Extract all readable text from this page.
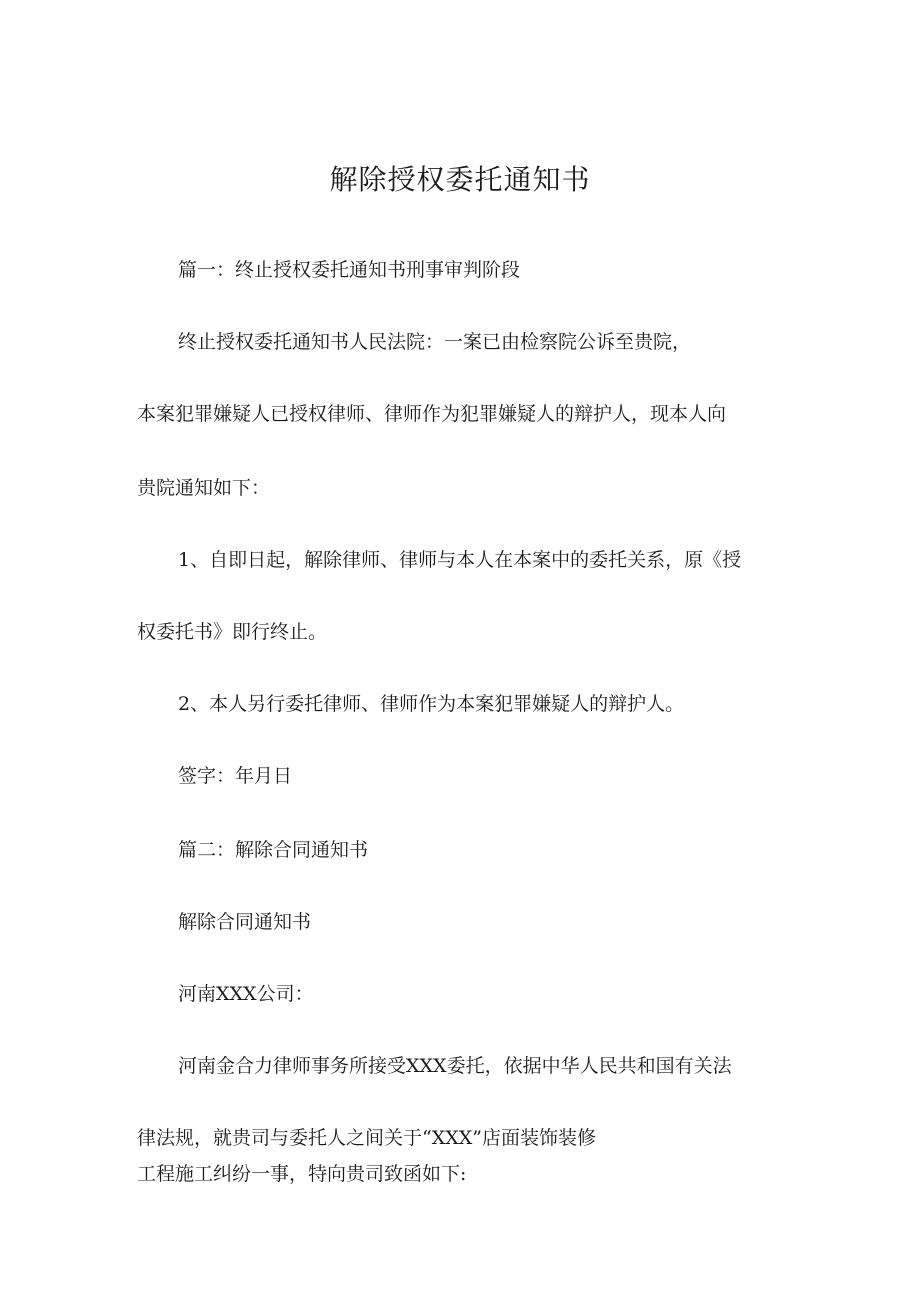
解除授权委托通知书
篇一：终止授权委托通知书刑事审判阶段
终止授权委托通知书人民法院：一案已由检察院公诉至贵院，
本案犯罪嫌疑人已授权律师、律师作为犯罪嫌疑人的辩护人，现本人向
贵院通知如下：
1、自即日起，解除律师、律师与本人在本案中的委托关系，原《授
权委托书》即行终止。
2、本人另行委托律师、律师作为本案犯罪嫌疑人的辩护人。
签字：年月日
篇二：解除合同通知书
解除合同通知书
河南XXX公司：
河南金合力律师事务所接受XXX委托，依据中华人民共和国有关法
律法规，就贵司与委托人之间关于“XXX”店面装饰装修
工程施工纠纷一事，特向贵司致函如下:
